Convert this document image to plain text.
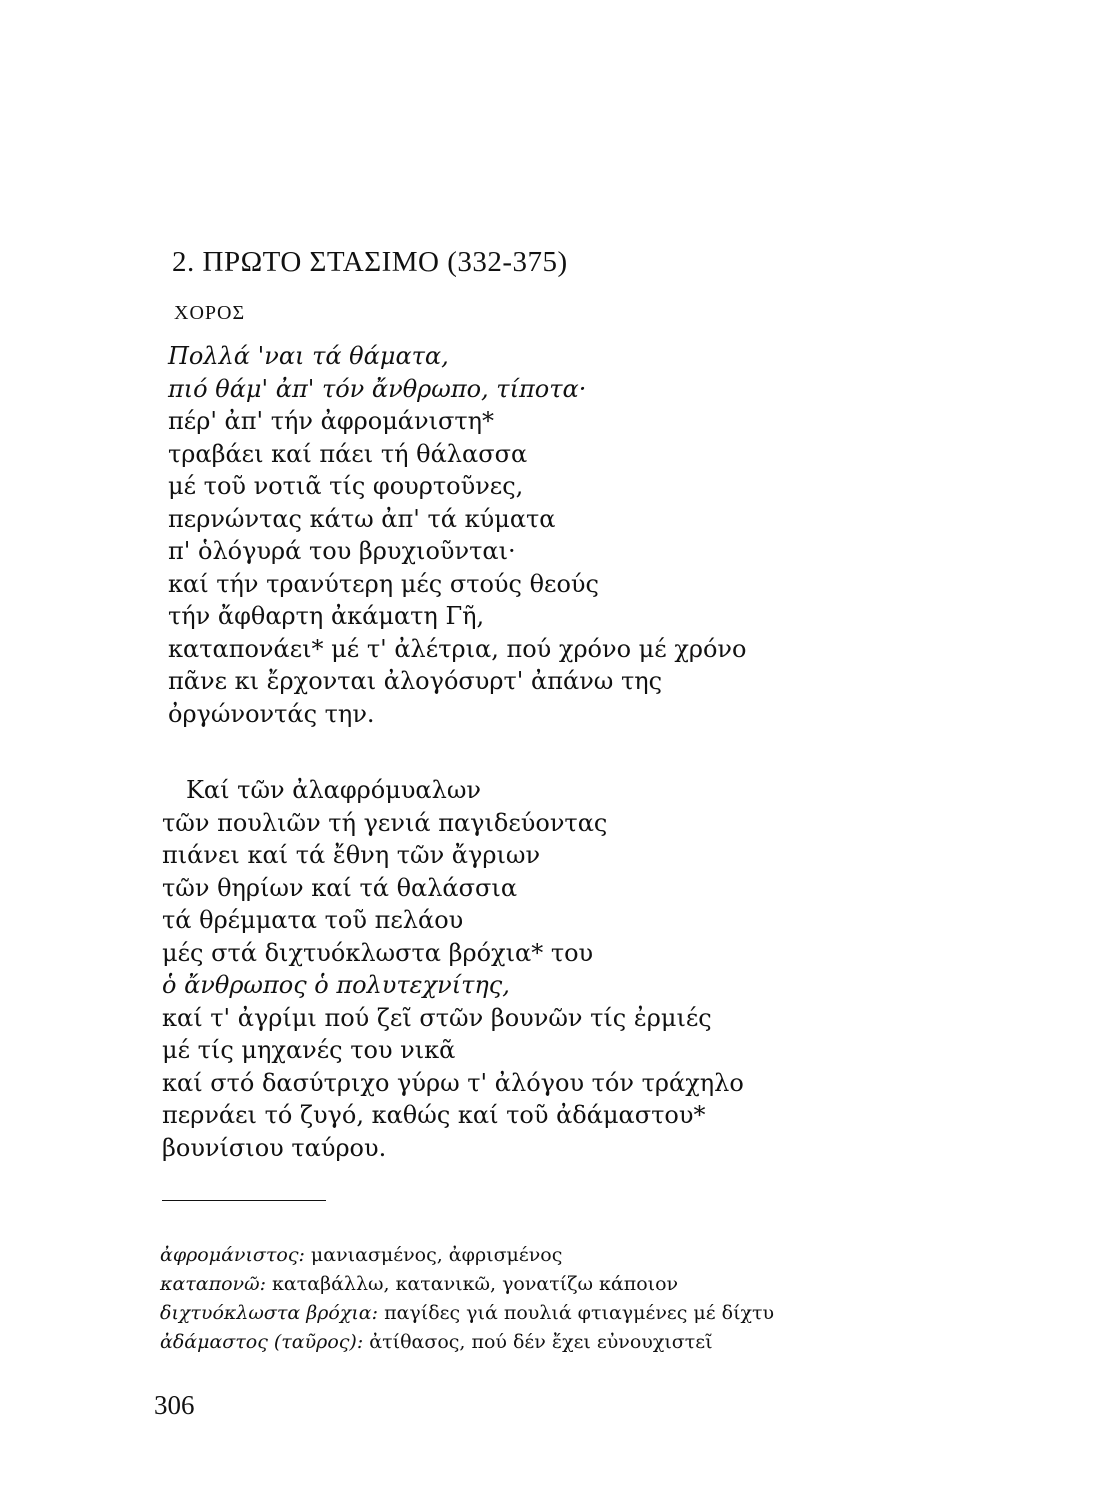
2. ΠΡΩΤΟ ΣΤΑΣΙΜΟ (332-375)
ΧΟΡΟΣ
Πολλά 'ναι τά θάματα,
πιό θάμ' ἀπ' τόν ἄνθρωπο, τίποτα·
πέρ' ἀπ' τήν ἀφρομάνιστη*
τραβάει καί πάει τή θάλασσα
μέ τοῦ νοτιᾶ τίς φουρτοῦνες,
περνώντας κάτω ἀπ' τά κύματα
π' ὁλόγυρά του βρυχιοῦνται·
καί τήν τρανύτερη μές στούς θεούς
τήν ἄφθαρτη ἀκάματη Γῆ,
καταπονάει* μέ τ' ἀλέτρια, πού χρόνο μέ χρόνο
πᾶνε κι ἔρχονται ἀλογόσυρτ' ἀπάνω της
ὀργώνοντάς την.
Καί τῶν ἀλαφρόμυαλων
τῶν πουλιῶν τή γενιά παγιδεύοντας
πιάνει καί τά ἔθνη τῶν ἄγριων
τῶν θηρίων καί τά θαλάσσια
τά θρέμματα τοῦ πελάου
μές στά διχτυόκλωστα βρόχια* του
ὁ ἄνθρωπος ὁ πολυτεχνίτης,
καί τ' ἀγρίμι πού ζεῖ στῶν βουνῶν τίς ἐρμιές
μέ τίς μηχανές του νικᾶ
καί στό δασύτριχο γύρω τ' ἀλόγου τόν τράχηλο
περνάει τό ζυγό, καθώς καί τοῦ ἀδάμαστου*
βουνίσιου ταύρου.
ἀφρομάνιστος: μανιασμένος, ἀφρισμένος
καταπονῶ: καταβάλλω, κατανικῶ, γονατίζω κάποιον
διχτυόκλωστα βρόχια: παγίδες γιά πουλιά φτιαγμένες μέ δίχτυ
ἀδάμαστος (ταῦρος): ἀτίθασος, πού δέν ἔχει εὐνουχιστεῖ
306
